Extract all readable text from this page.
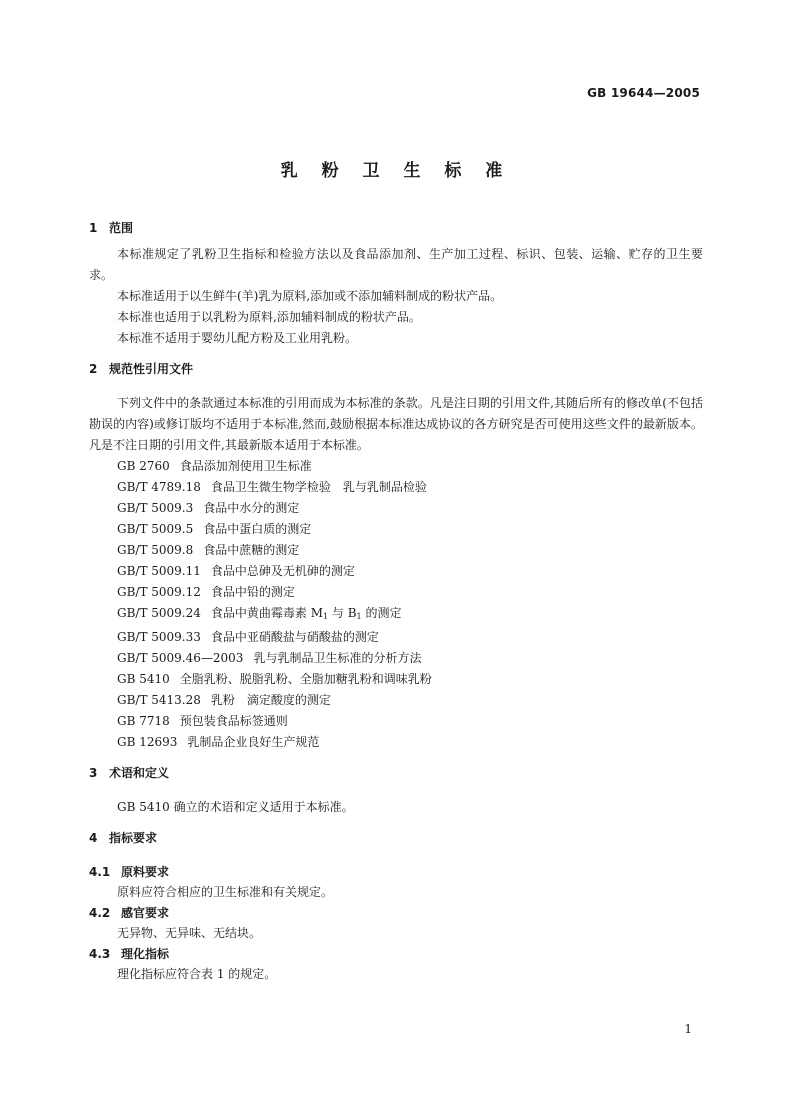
GB 19644—2005
乳 粉 卫 生 标 准
1 范围
本标准规定了乳粉卫生指标和检验方法以及食品添加剂、生产加工过程、标识、包装、运输、贮存的卫生要求。
本标准适用于以生鲜牛(羊)乳为原料,添加或不添加辅料制成的粉状产品。
本标准也适用于以乳粉为原料,添加辅料制成的粉状产品。
本标准不适用于婴幼儿配方粉及工业用乳粉。
2 规范性引用文件
下列文件中的条款通过本标准的引用而成为本标准的条款。凡是注日期的引用文件,其随后所有的修改单(不包括勘误的内容)或修订版均不适用于本标准,然而,鼓励根据本标准达成协议的各方研究是否可使用这些文件的最新版本。凡是不注日期的引用文件,其最新版本适用于本标准。
GB 2760 食品添加剂使用卫生标准
GB/T 4789.18 食品卫生微生物学检验　乳与乳制品检验
GB/T 5009.3 食品中水分的测定
GB/T 5009.5 食品中蛋白质的测定
GB/T 5009.8 食品中蔗糖的测定
GB/T 5009.11 食品中总砷及无机砷的测定
GB/T 5009.12 食品中铅的测定
GB/T 5009.24 食品中黄曲霉毒素 $M_1$ 与 $B_1$ 的测定
GB/T 5009.33 食品中亚硝酸盐与硝酸盐的测定
GB/T 5009.46—2003 乳与乳制品卫生标准的分析方法
GB 5410 全脂乳粉、脱脂乳粉、全脂加糖乳粉和调味乳粉
GB/T 5413.28 乳粉　滴定酸度的测定
GB 7718 预包装食品标签通则
GB 12693 乳制品企业良好生产规范
3 术语和定义
GB 5410 确立的术语和定义适用于本标准。
4 指标要求
4.1 原料要求
原料应符合相应的卫生标准和有关规定。
4.2 感官要求
无异物、无异味、无结块。
4.3 理化指标
理化指标应符合表 1 的规定。
1
